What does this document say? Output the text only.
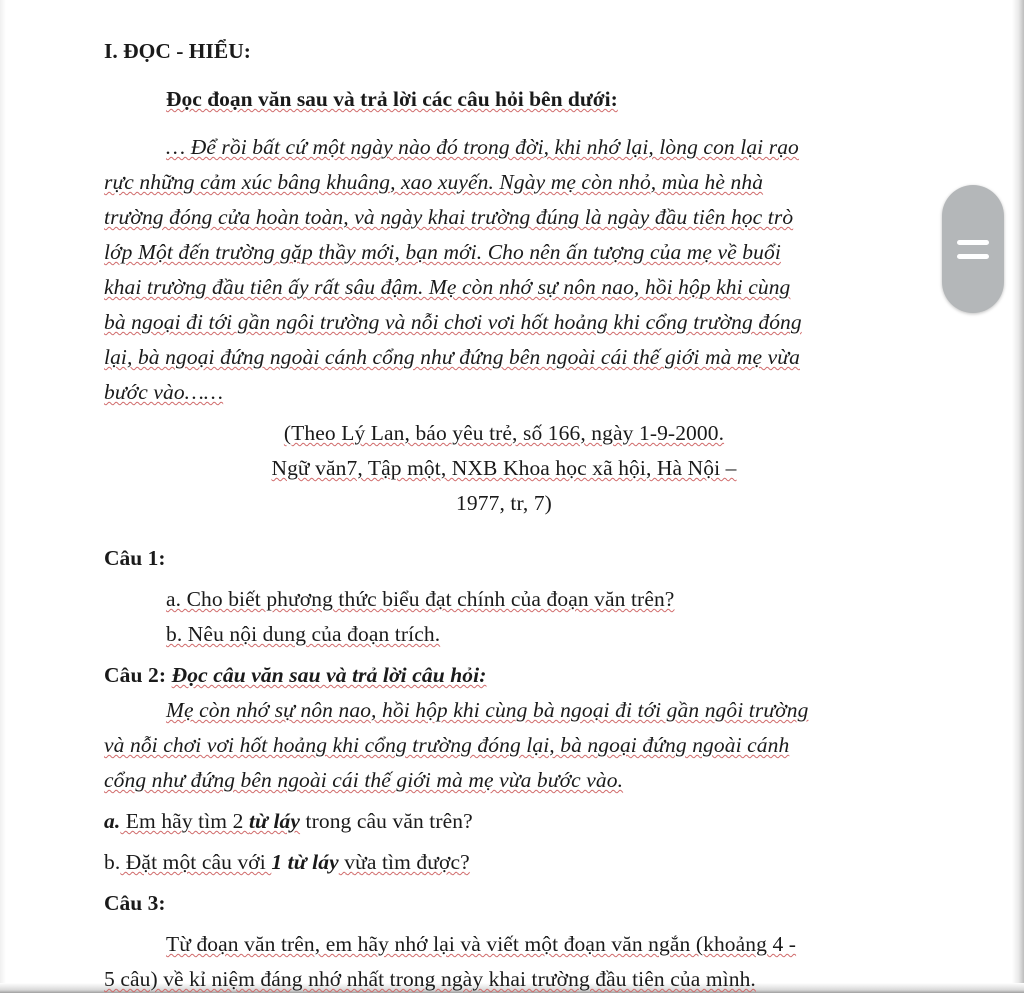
I. ĐỌC - HIỂU:
Đọc đoạn văn sau và trả lời các câu hỏi bên dưới:
… Để rồi bất cứ một ngày nào đó trong đời, khi nhớ lại, lòng con lại rạo
rực những cảm xúc bâng khuâng, xao xuyến. Ngày mẹ còn nhỏ, mùa hè nhà
trường đóng cửa hoàn toàn, và ngày khai trường đúng là ngày đầu tiên học trò
lớp Một đến trường gặp thầy mới, bạn mới. Cho nên ấn tượng của mẹ về buổi
khai trường đầu tiên ấy rất sâu đậm. Mẹ còn nhớ sự nôn nao, hồi hộp khi cùng
bà ngoại đi tới gần ngôi trường và nỗi chơi vơi hốt hoảng khi cổng trường đóng
lại, bà ngoại đứng ngoài cánh cổng như đứng bên ngoài cái thế giới mà mẹ vừa
bước vào……
(Theo Lý Lan, báo yêu trẻ, số 166, ngày 1-9-2000.
Ngữ văn7, Tập một, NXB Khoa học xã hội, Hà Nội –
1977, tr, 7)
Câu 1:
a. Cho biết phương thức biểu đạt chính của đoạn văn trên?
b. Nêu nội dung của đoạn trích.
Câu 2: Đọc câu văn sau và trả lời câu hỏi:
Mẹ còn nhớ sự nôn nao, hồi hộp khi cùng bà ngoại đi tới gần ngôi trường
và nỗi chơi vơi hốt hoảng khi cổng trường đóng lại, bà ngoại đứng ngoài cánh
cổng như đứng bên ngoài cái thế giới mà mẹ vừa bước vào.
a. Em hãy tìm 2 từ láy trong câu văn trên?
b. Đặt một câu với 1 từ láy vừa tìm được?
Câu 3:
Từ đoạn văn trên, em hãy nhớ lại và viết một đoạn văn ngắn (khoảng 4 -
5 câu) về kỉ niệm đáng nhớ nhất trong ngày khai trường đầu tiên của mình.
